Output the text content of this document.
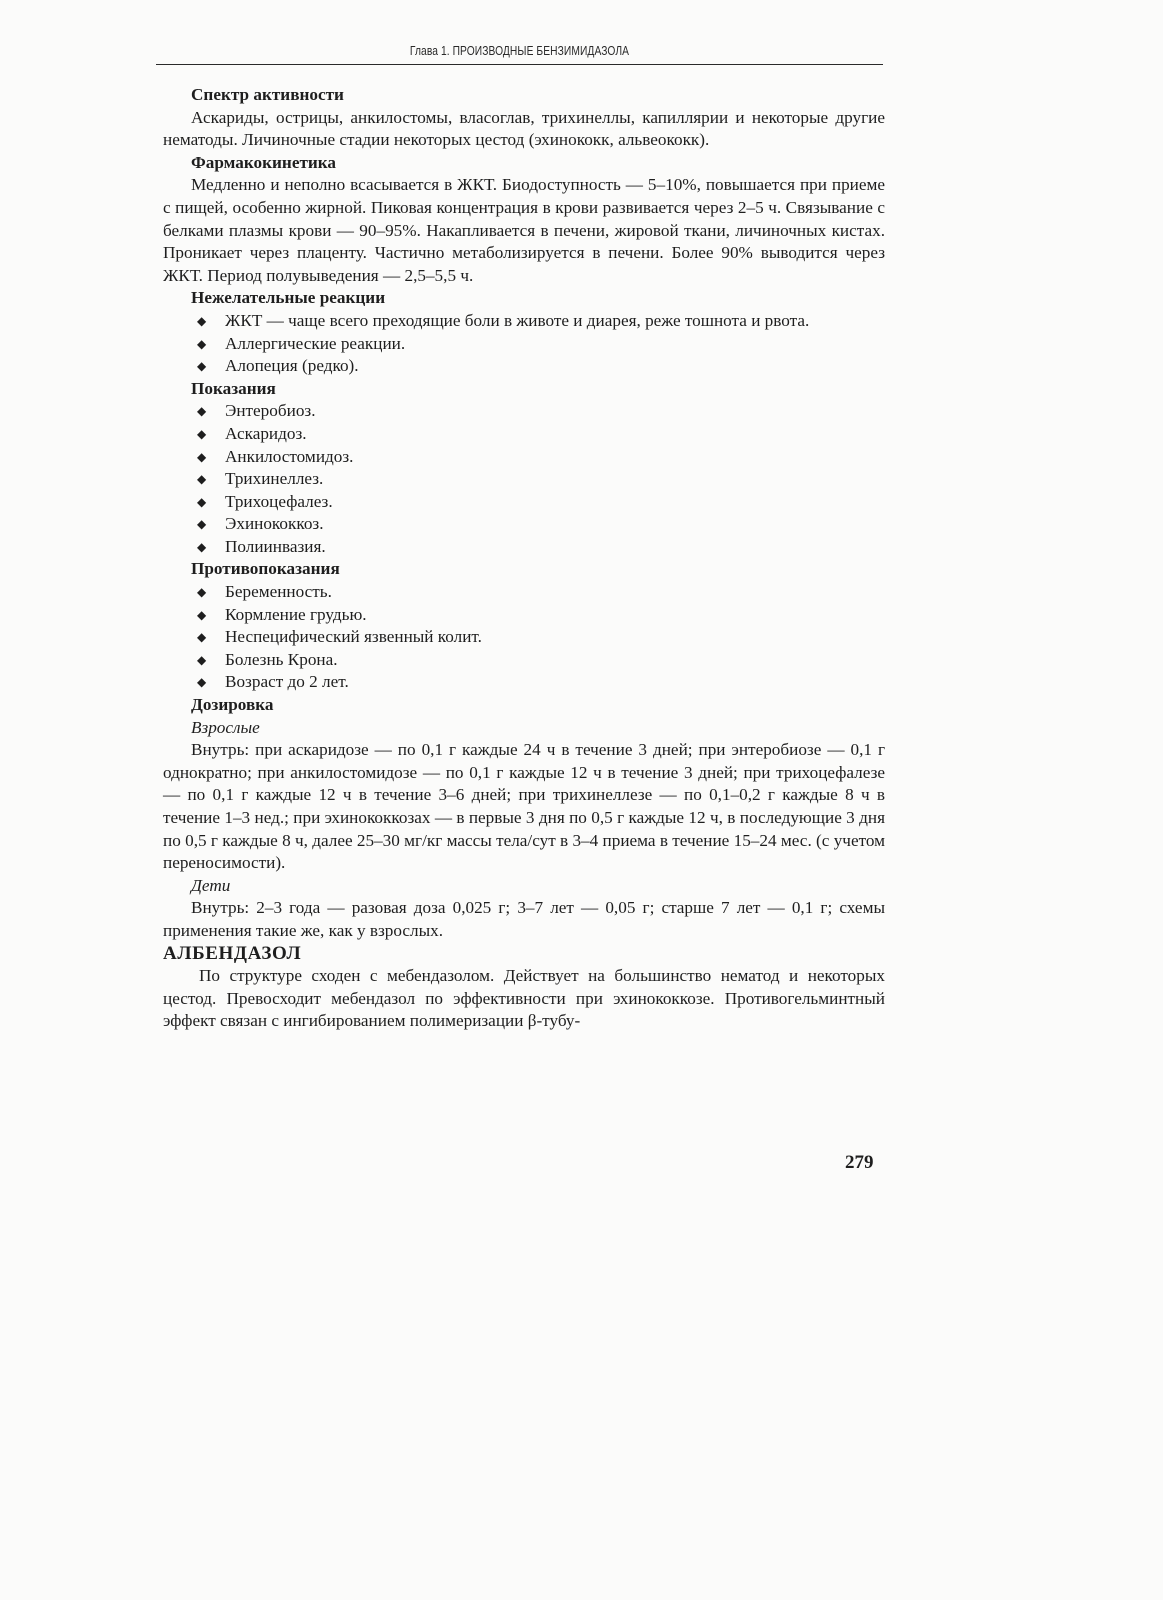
Глава 1. ПРОИЗВОДНЫЕ БЕНЗИМИДАЗОЛА

Спектр активности

Аскариды, острицы, анкилостомы, власоглав, трихинеллы, капиллярии и некоторые другие нематоды. Личиночные стадии некоторых цестод (эхинококк, альвеококк).

Фармакокинетика

Медленно и неполно всасывается в ЖКТ. Биодоступность — 5–10%, повышается при приеме с пищей, особенно жирной. Пиковая концентрация в крови развивается через 2–5 ч. Связывание с белками плазмы крови — 90–95%. Накапливается в печени, жировой ткани, личиночных кистах. Проникает через плаценту. Частично метаболизируется в печени. Более 90% выводится через ЖКТ. Период полувыведения — 2,5–5,5 ч.

Нежелательные реакции

◆ ЖКТ — чаще всего преходящие боли в животе и диарея, реже тошнота и рвота.
◆ Аллергические реакции.
◆ Алопеция (редко).

Показания

◆ Энтеробиоз.
◆ Аскаридоз.
◆ Анкилостомидоз.
◆ Трихинеллез.
◆ Трихоцефалез.
◆ Эхинококкоз.
◆ Полиинвазия.

Противопоказания

◆ Беременность.
◆ Кормление грудью.
◆ Неспецифический язвенный колит.
◆ Болезнь Крона.
◆ Возраст до 2 лет.

Дозировка

Взрослые

Внутрь: при аскаридозе — по 0,1 г каждые 24 ч в течение 3 дней; при энтеробиозе — 0,1 г однократно; при анкилостомидозе — по 0,1 г каждые 12 ч в течение 3 дней; при трихоцефалезе — по 0,1 г каждые 12 ч в течение 3–6 дней; при трихинеллезе — по 0,1–0,2 г каждые 8 ч в течение 1–3 нед.; при эхинококкозах — в первые 3 дня по 0,5 г каждые 12 ч, в последующие 3 дня по 0,5 г каждые 8 ч, далее 25–30 мг/кг массы тела/сут в 3–4 приема в течение 15–24 мес. (с учетом переносимости).

Дети

Внутрь: 2–3 года — разовая доза 0,025 г; 3–7 лет — 0,05 г; старше 7 лет — 0,1 г; схемы применения такие же, как у взрослых.

АЛБЕНДАЗОЛ

По структуре сходен с мебендазолом. Действует на большинство нематод и некоторых цестод. Превосходит мебендазол по эффективности при эхинококкозе. Противогельминтный эффект связан с ингибированием полимеризации β-тубу-

279
